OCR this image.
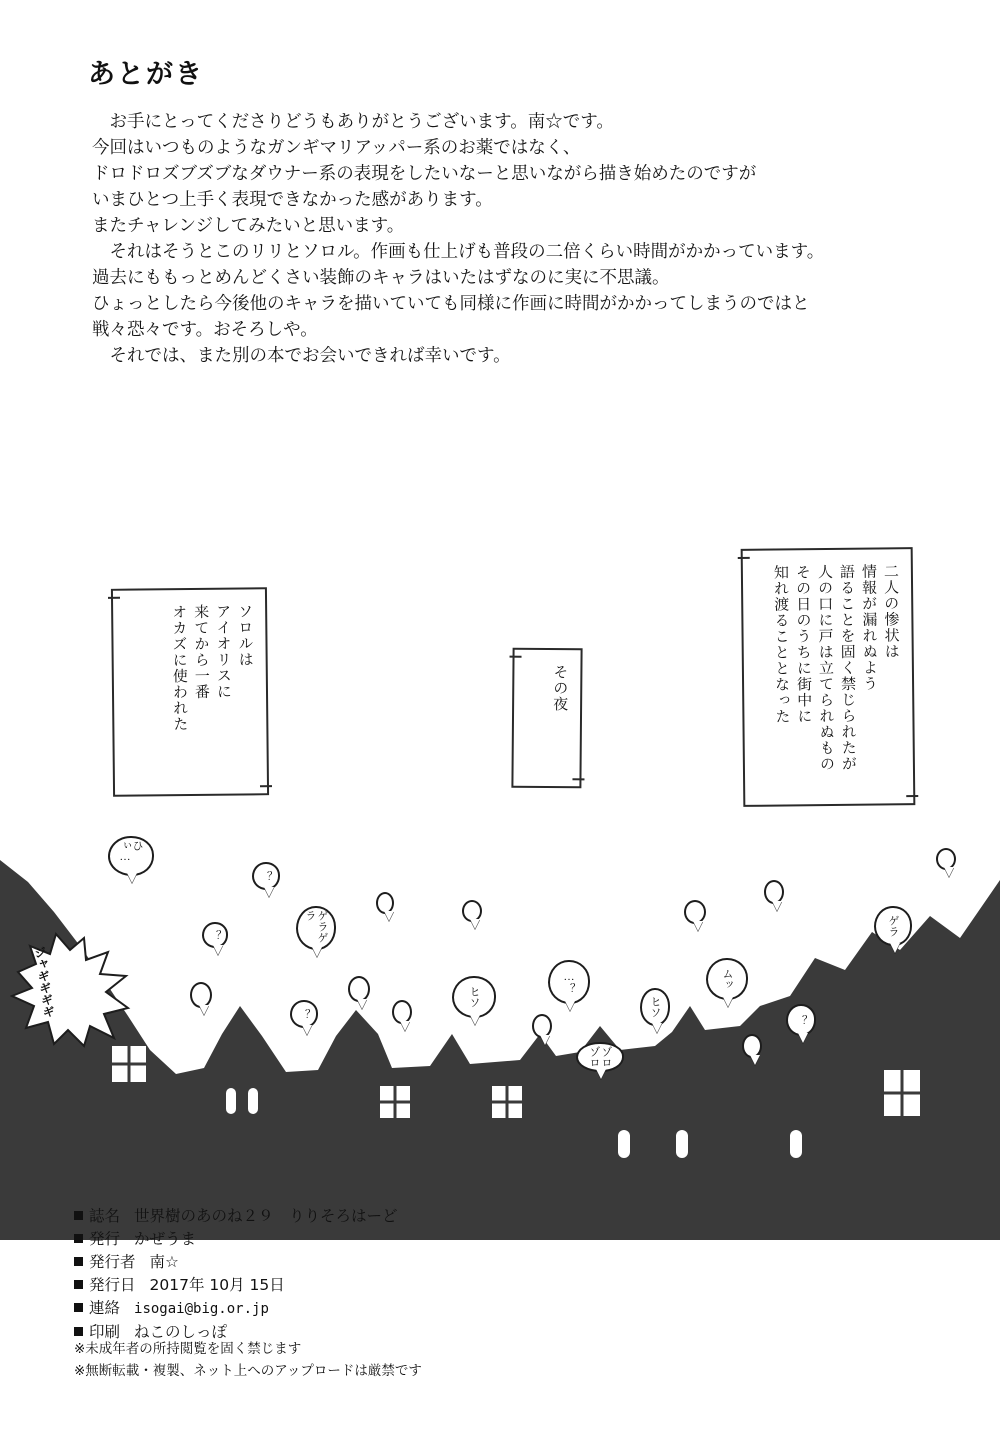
あとがき

　お手にとってくださりどうもありがとうございます。南☆です。

今回はいつものようなガンギマリアッパー系のお薬ではなく、

ドロドロズブズブなダウナー系の表現をしたいなーと思いながら描き始めたのですが

いまひとつ上手く表現できなかった感があります。

またチャレンジしてみたいと思います。

　それはそうとこのリリとソロル。作画も仕上げも普段の二倍くらい時間がかかっています。

過去にももっとめんどくさい装飾のキャラはいたはずなのに実に不思議。

ひょっとしたら今後他のキャラを描いていても同様に作画に時間がかかってしまうのではと

戦々恐々です。おそろしや。

　それでは、また別の本でお会いできれば幸いです。

ソロルは
アイオリスに
来てから一番
オカズに使われた	その夜
二人の惨状は
情報が漏れぬよう
語ることを固く禁じられたが
人の口に戸は立てられぬもの
その日のうちに街中に
知れ渡ることとなった
ジャギギギギ
ひぃ…
？
ゲラゲラ
？	ゲラ
？
ヒソ
…？
ヒソ
ムッ
？
ゾロゾロ
誌名 世界樹のあのね２９　りりそろはーど
発行 かぜうま
発行者 南☆
発行日 2017年 10月 15日
連絡 isogai@big.or.jp
印刷 ねこのしっぽ
※未成年者の所持閲覧を固く禁じます
※無断転載・複製、ネット上へのアップロードは厳禁です
